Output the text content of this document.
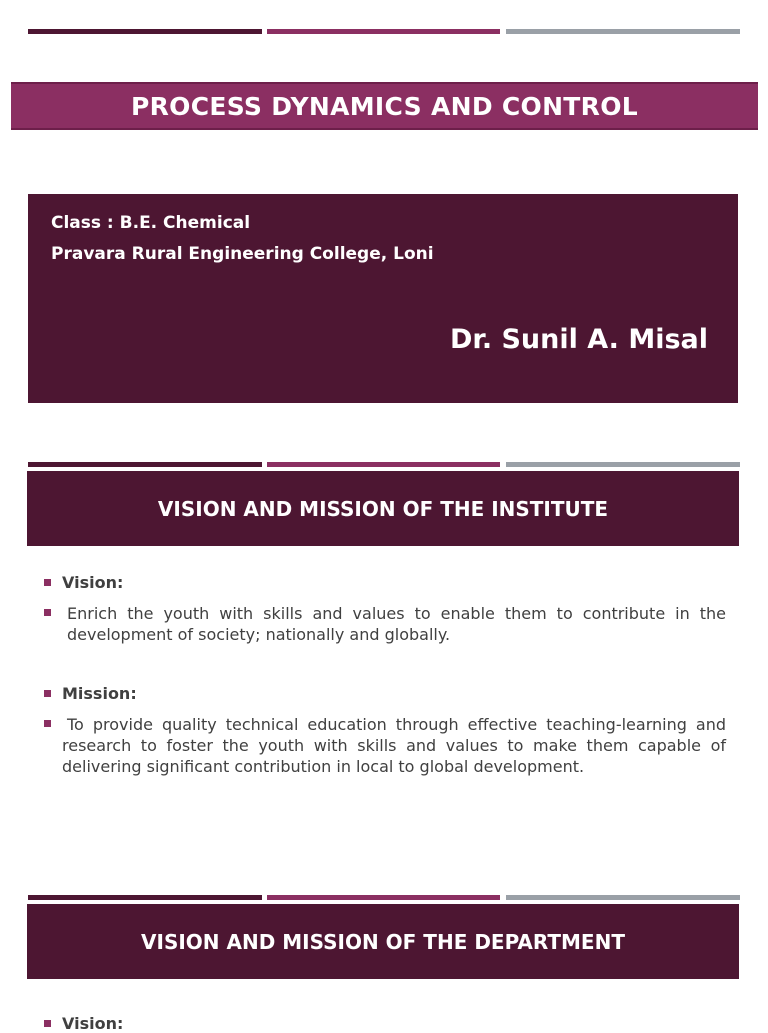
PROCESS DYNAMICS AND CONTROL
Class : B.E. Chemical
Pravara Rural Engineering College, Loni
Dr. Sunil A. Misal
VISION AND MISSION OF THE INSTITUTE
Vision:
Enrich the youth with skills and values to enable them to contribute in the development of society; nationally and globally.
Mission:
To provide quality technical education through effective teaching-learning and research to foster the youth with skills and values to make them capable of delivering significant contribution in local to global development.
VISION AND MISSION OF THE DEPARTMENT
Vision:
